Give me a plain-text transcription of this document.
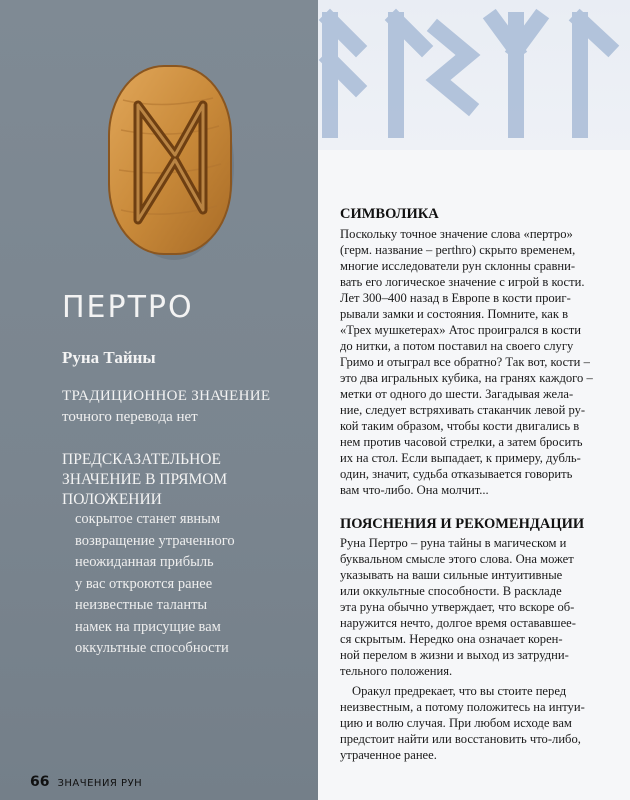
ПЕРТРО
Руна Тайны
ТРАДИЦИОННОЕ ЗНАЧЕНИЕ
точного перевода нет
ПРЕДСКАЗАТЕЛЬНОЕ
ЗНАЧЕНИЕ В ПРЯМОМ
ПОЛОЖЕНИИ
сокрытое станет явным
возвращение утраченного
неожиданная прибыль
у вас откроются ранее
неизвестные таланты
намек на присущие вам
оккультные способности
СИМВОЛИКА
Поскольку точное значение слова «пертро»
(герм. название – perthro) скрыто временем,
многие исследователи рун склонны сравни-
вать его логическое значение с игрой в кости.
Лет 300–400 назад в Европе в кости проиг-
рывали замки и состояния. Помните, как в
«Трех мушкетерах» Атос проигрался в кости
до нитки, а потом поставил на своего слугу
Гримо и отыграл все обратно? Так вот, кости –
это два игральных кубика, на гранях каждого –
метки от одного до шести. Загадывая жела-
ние, следует встряхивать стаканчик левой ру-
кой таким образом, чтобы кости двигались в
нем против часовой стрелки, а затем бросить
их на стол. Если выпадает, к примеру, дубль-
один, значит, судьба отказывается говорить
вам что-либо. Она молчит...
ПОЯСНЕНИЯ И РЕКОМЕНДАЦИИ
Руна Пертро – руна тайны в магическом и
буквальном смысле этого слова. Она может
указывать на ваши сильные интуитивные
или оккультные способности. В раскладе
эта руна обычно утверждает, что вскоре об-
наружится нечто, долгое время остававшее-
ся скрытым. Нередко она означает корен-
ной перелом в жизни и выход из затрудни-
тельного положения.
Оракул предрекает, что вы стоите перед
неизвестным, а потому положитесь на интуи-
цию и волю случая. При любом исходе вам
предстоит найти или восстановить что-либо,
утраченное ранее.
66 ЗНАЧЕНИЯ РУН
